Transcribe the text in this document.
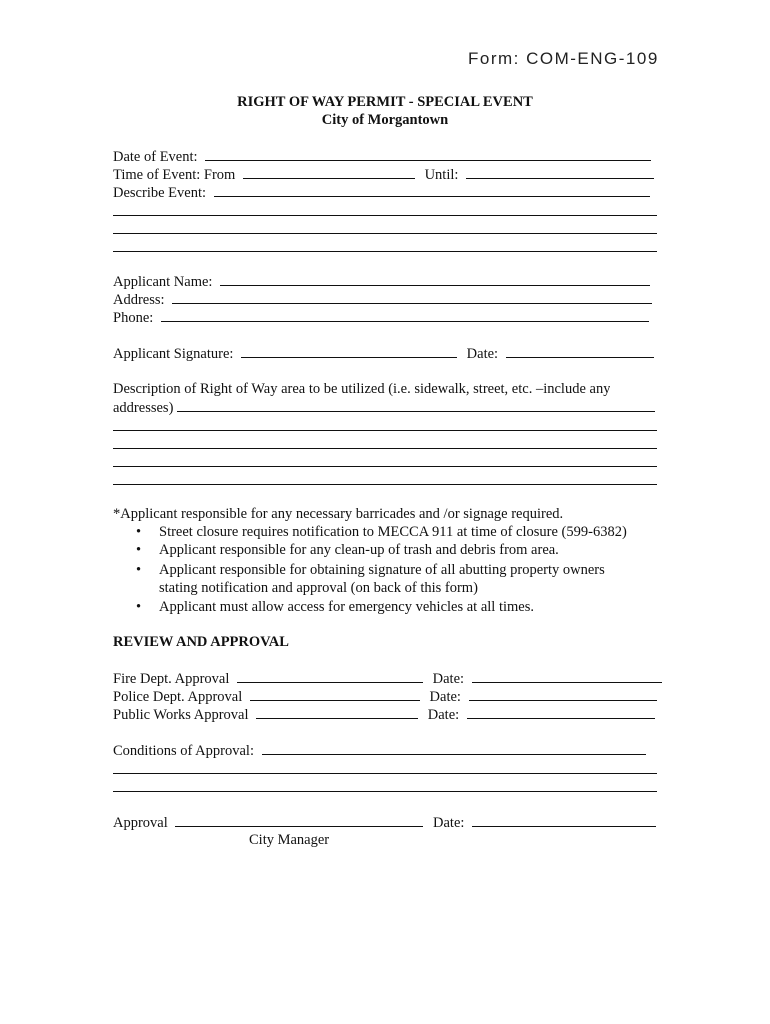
Form: COM-ENG-109
RIGHT OF WAY PERMIT - SPECIAL EVENT
City of Morgantown
Date of Event:
Time of Event: From	Until:
Describe Event:
Applicant Name:
Address:
Phone:
Applicant Signature:	Date:
Description of Right of Way area to be utilized (i.e. sidewalk, street, etc. –include any
addresses)
*Applicant responsible for any necessary barricades and /or signage required.
•	Street closure requires notification to MECCA 911 at time of closure (599-6382)
•	Applicant responsible for any clean-up of trash and debris from area.
•	Applicant responsible for obtaining signature of all abutting property owners
stating notification and approval (on back of this form)
•	Applicant must allow access for emergency vehicles at all times.
REVIEW AND APPROVAL
Fire Dept. Approval	Date:
Police Dept. Approval	Date:
Public Works Approval	Date:
Conditions of Approval:
Approval	Date:
City Manager
